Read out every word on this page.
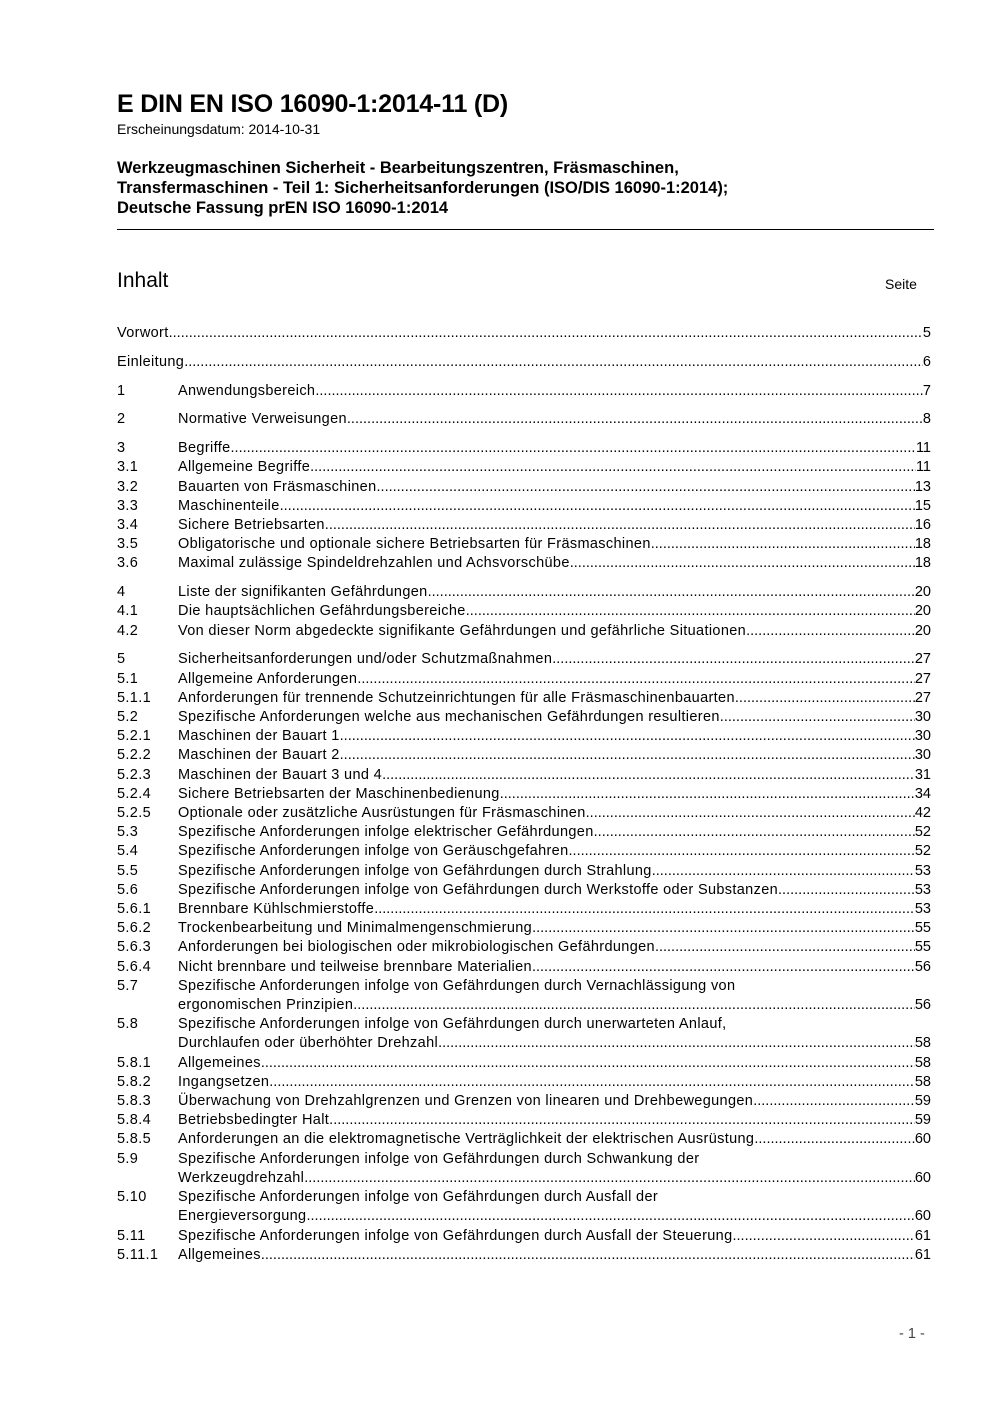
E DIN EN ISO 16090-1:2014-11 (D)
Erscheinungsdatum: 2014-10-31
Werkzeugmaschinen Sicherheit - Bearbeitungszentren, Fräsmaschinen,
Transfermaschinen - Teil 1: Sicherheitsanforderungen (ISO/DIS 16090-1:2014);
Deutsche Fassung prEN ISO 16090-1:2014
Inhalt	Seite
Vorwort .....	5
Einleitung .....	6
1	Anwendungsbereich .....	7
2	Normative Verweisungen .....	8
3	Begriffe .....	11
3.1	Allgemeine Begriffe .....	11
3.2	Bauarten von Fräsmaschinen .....	13
3.3	Maschinenteile .....	15
3.4	Sichere Betriebsarten .....	16
3.5	Obligatorische und optionale sichere Betriebsarten für Fräsmaschinen .....	18
3.6	Maximal zulässige Spindeldrehzahlen und Achsvorschübe .....	18
4	Liste der signifikanten Gefährdungen .....	20
4.1	Die hauptsächlichen Gefährdungsbereiche .....	20
4.2	Von dieser Norm abgedeckte signifikante Gefährdungen und gefährliche Situationen .....	20
5	Sicherheitsanforderungen und/oder Schutzmaßnahmen .....	27
5.1	Allgemeine Anforderungen .....	27
5.1.1	Anforderungen für trennende Schutzeinrichtungen für alle Fräsmaschinenbauarten .....	27
5.2	Spezifische Anforderungen welche aus mechanischen Gefährdungen resultieren .....	30
5.2.1	Maschinen der Bauart 1 .....	30
5.2.2	Maschinen der Bauart 2 .....	30
5.2.3	Maschinen der Bauart 3 und 4 .....	31
5.2.4	Sichere Betriebsarten der Maschinenbedienung .....	34
5.2.5	Optionale oder zusätzliche Ausrüstungen für Fräsmaschinen .....	42
5.3	Spezifische Anforderungen infolge elektrischer Gefährdungen .....	52
5.4	Spezifische Anforderungen infolge von Geräuschgefahren .....	52
5.5	Spezifische Anforderungen infolge von Gefährdungen durch Strahlung .....	53
5.6	Spezifische Anforderungen infolge von Gefährdungen durch Werkstoffe oder Substanzen .....	53
5.6.1	Brennbare Kühlschmierstoffe .....	53
5.6.2	Trockenbearbeitung und Minimalmengenschmierung .....	55
5.6.3	Anforderungen bei biologischen oder mikrobiologischen Gefährdungen .....	55
5.6.4	Nicht brennbare und teilweise brennbare Materialien .....	56
5.7	Spezifische Anforderungen infolge von Gefährdungen durch Vernachlässigung von
ergonomischen Prinzipien .....	56
5.8	Spezifische Anforderungen infolge von Gefährdungen durch unerwarteten Anlauf,
Durchlaufen oder überhöhter Drehzahl .....	58
5.8.1	Allgemeines .....	58
5.8.2	Ingangsetzen .....	58
5.8.3	Überwachung von Drehzahlgrenzen und Grenzen von linearen und Drehbewegungen .....	59
5.8.4	Betriebsbedingter Halt .....	59
5.8.5	Anforderungen an die elektromagnetische Verträglichkeit der elektrischen Ausrüstung .....	60
5.9	Spezifische Anforderungen infolge von Gefährdungen durch Schwankung der
Werkzeugdrehzahl .....	60
5.10	Spezifische Anforderungen infolge von Gefährdungen durch Ausfall der
Energieversorgung .....	60
5.11	Spezifische Anforderungen infolge von Gefährdungen durch Ausfall der Steuerung .....	61
5.11.1	Allgemeines .....	61
- 1 -
